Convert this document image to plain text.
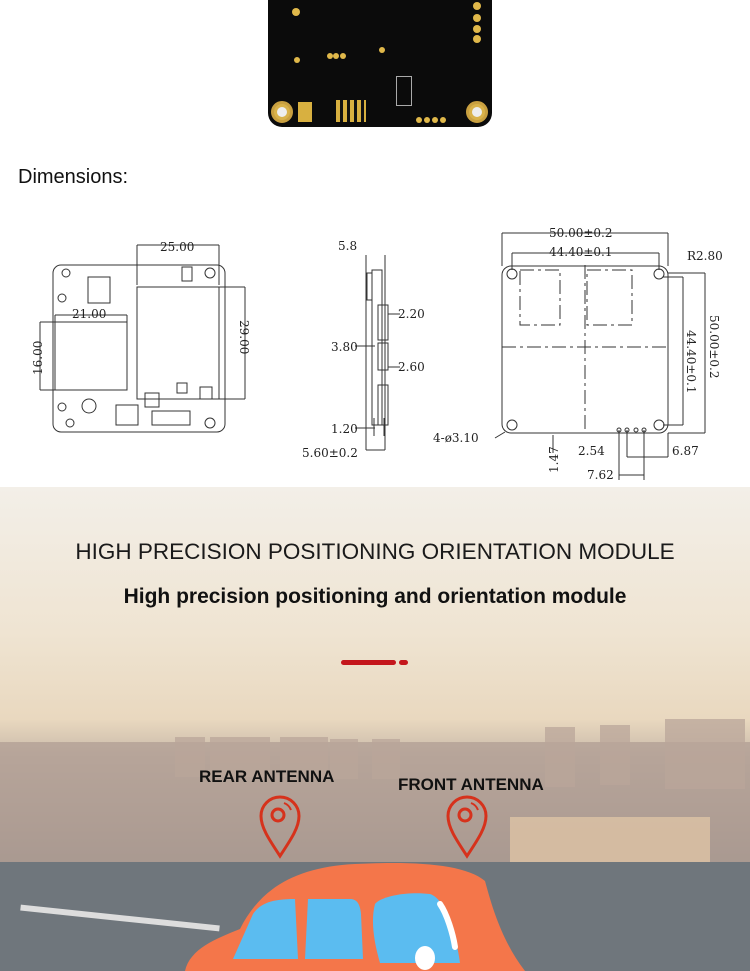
Dimensions:
25.00
21.00
16.00
29.00
5.8
2.20
3.80
2.60
1.20
5.60±0.2
50.00±0.2
44.40±0.1	R2.80
44.40±0.1 50.00±0.2
4-ø3.10
1.47 2.54	6.87
7.62
HIGH PRECISION POSITIONING ORIENTATION MODULE
High precision positioning and orientation module
REAR ANTENNA	FRONT ANTENNA
